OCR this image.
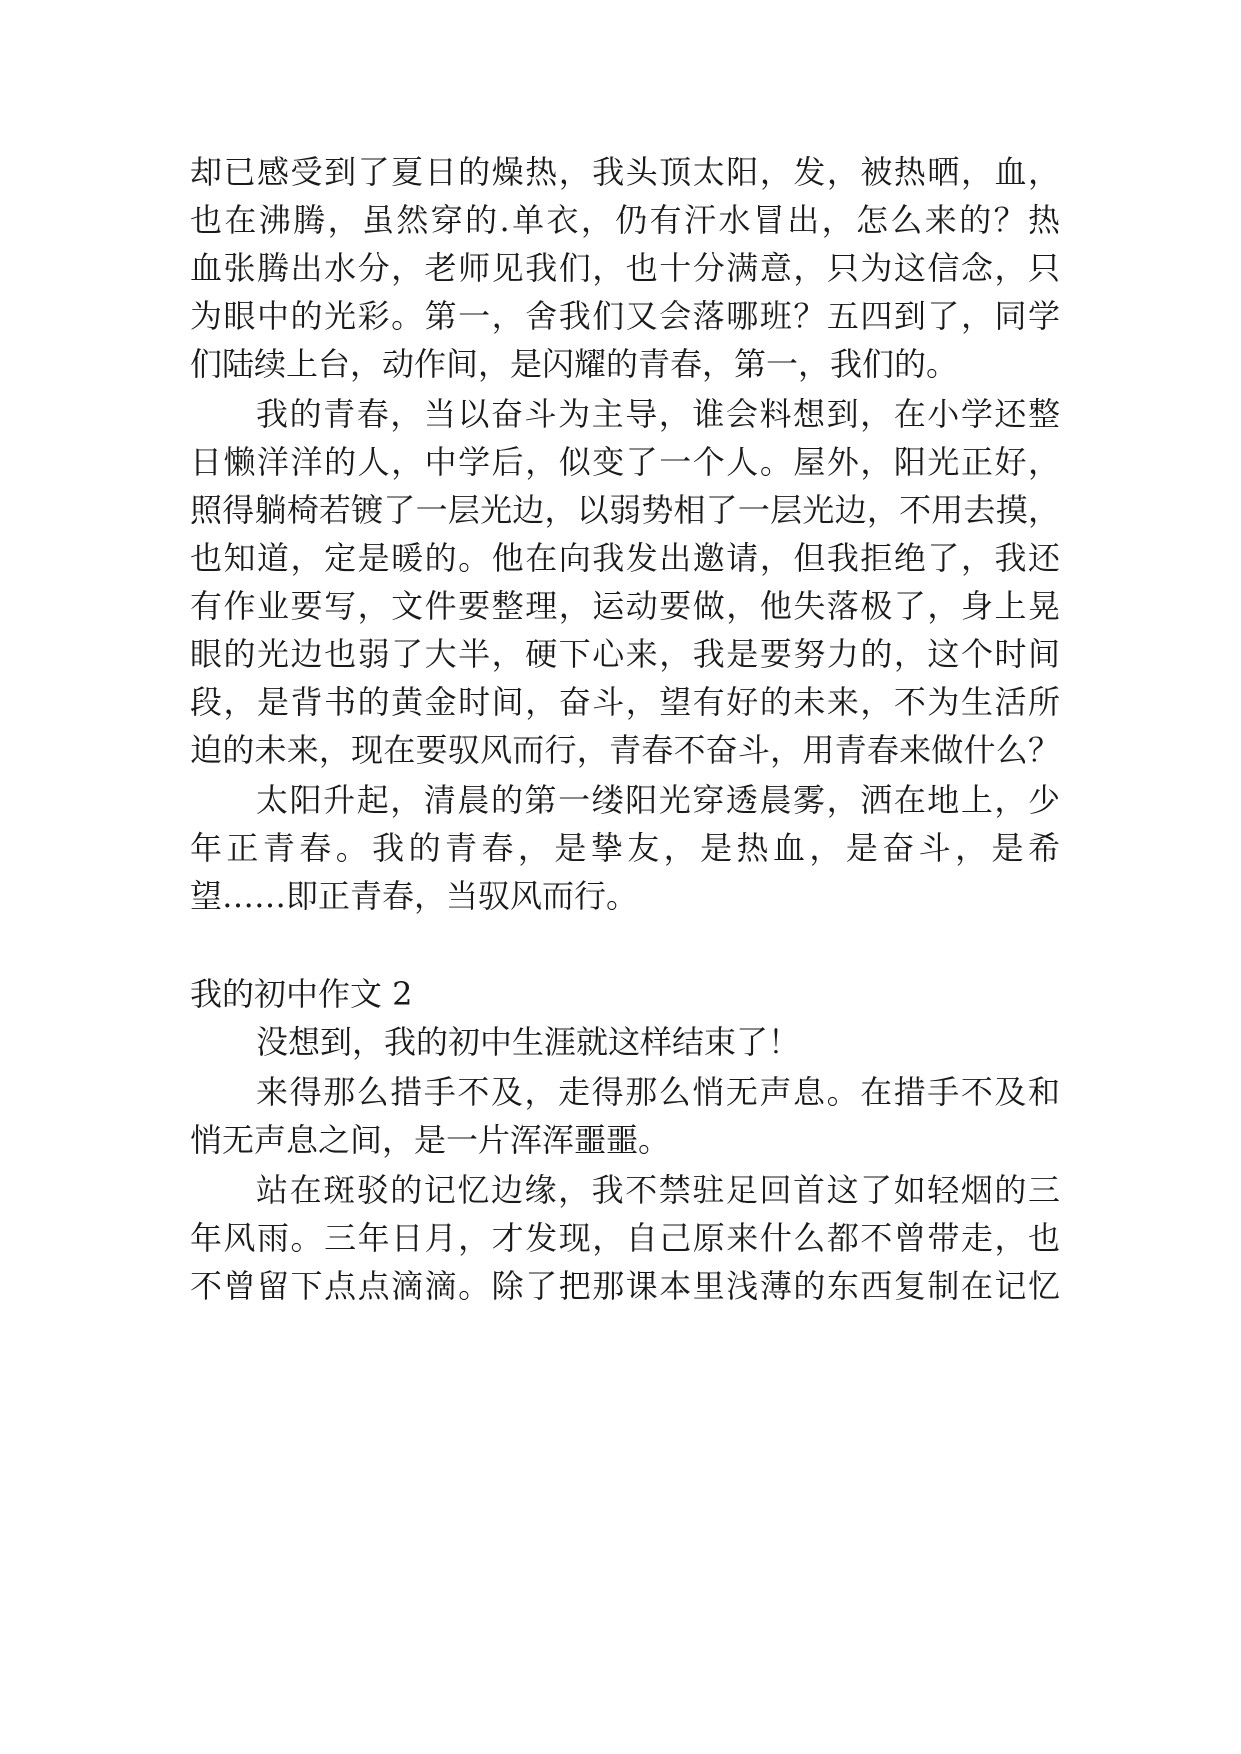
却已感受到了夏日的燥热，我头顶太阳，发，被热晒，血，
也在沸腾，虽然穿的.单衣，仍有汗水冒出，怎么来的？热
血张腾出水分，老师见我们，也十分满意，只为这信念，只
为眼中的光彩。第一，舍我们又会落哪班？五四到了，同学
们陆续上台，动作间，是闪耀的青春，第一，我们的。
我的青春，当以奋斗为主导，谁会料想到，在小学还整
日懒洋洋的人，中学后，似变了一个人。屋外，阳光正好，
照得躺椅若镀了一层光边，以弱势相了一层光边，不用去摸，
也知道，定是暖的。他在向我发出邀请，但我拒绝了，我还
有作业要写，文件要整理，运动要做，他失落极了，身上晃
眼的光边也弱了大半，硬下心来，我是要努力的，这个时间
段，是背书的黄金时间，奋斗，望有好的未来，不为生活所
迫的未来，现在要驭风而行，青春不奋斗，用青春来做什么？
太阳升起，清晨的第一缕阳光穿透晨雾，洒在地上，少
年正青春。我的青春，是挚友，是热血，是奋斗，是希
望……即正青春，当驭风而行。
我的初中作文 2
没想到，我的初中生涯就这样结束了！
来得那么措手不及，走得那么悄无声息。在措手不及和
悄无声息之间，是一片浑浑噩噩。
站在斑驳的记忆边缘，我不禁驻足回首这了如轻烟的三
年风雨。三年日月，才发现，自己原来什么都不曾带走，也
不曾留下点点滴滴。除了把那课本里浅薄的东西复制在记忆
